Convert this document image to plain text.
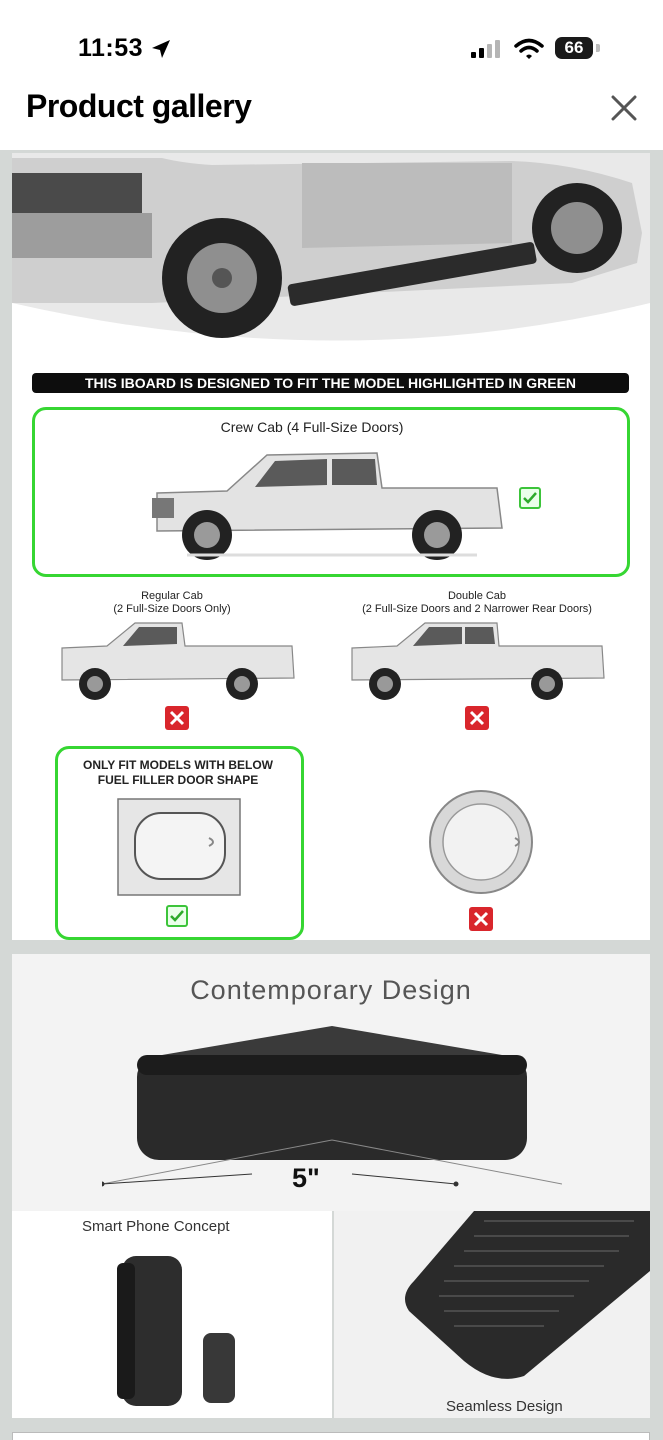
11:53	66
Product gallery
THIS IBOARD IS DESIGNED TO FIT THE MODEL HIGHLIGHTED IN GREEN
Crew Cab (4 Full-Size Doors)
Regular Cab
(2 Full-Size Doors Only)
Double Cab
(2 Full-Size Doors and 2 Narrower Rear Doors)
ONLY FIT MODELS WITH BELOW
FUEL FILLER DOOR SHAPE
Contemporary Design
5"
Smart Phone Concept
Seamless Design
